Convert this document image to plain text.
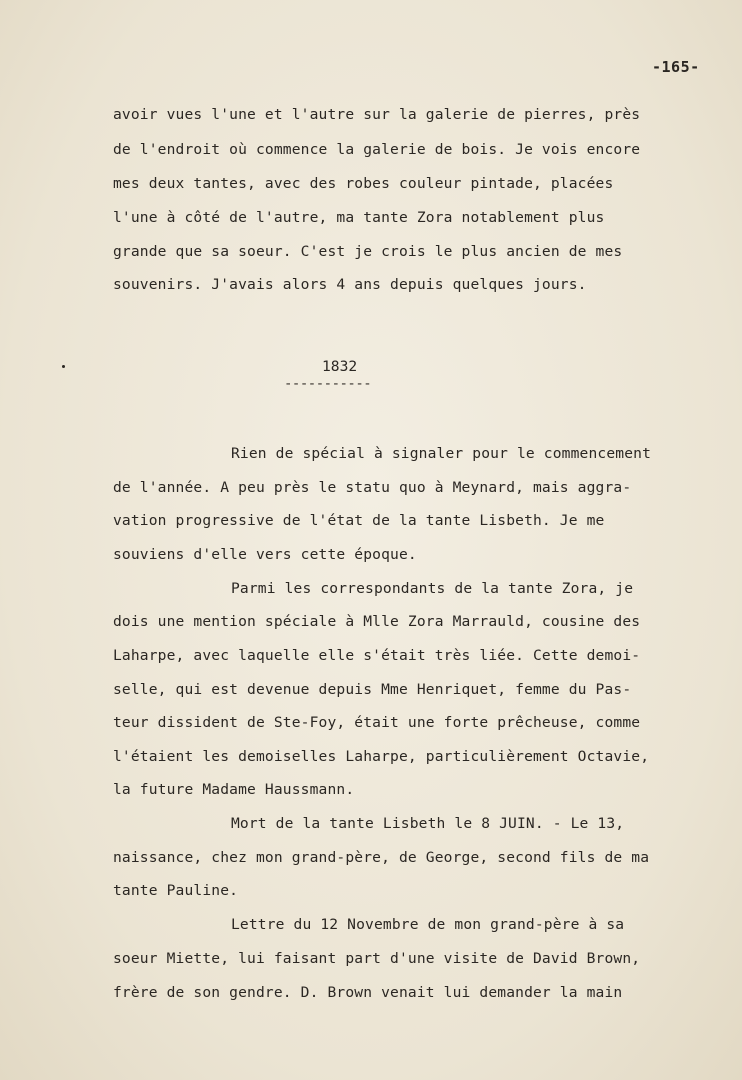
-165-
avoir vues l'une et l'autre sur la galerie de pierres, près
de l'endroit où commence la galerie de bois. Je vois encore
mes deux tantes, avec des robes couleur pintade, placées
l'une à côté de l'autre, ma tante Zora notablement plus
grande que sa soeur. C'est je crois le plus ancien de mes
souvenirs. J'avais alors 4 ans depuis quelques jours.
1832
-----------
Rien de spécial à signaler pour le commencement
de l'année. A peu près le statu quo à Meynard, mais aggra-
vation progressive de l'état de la tante Lisbeth. Je me
souviens d'elle vers cette époque.
Parmi les correspondants de la tante Zora, je
dois une mention spéciale à Mlle Zora Marrauld, cousine des
Laharpe, avec laquelle elle s'était très liée. Cette demoi-
selle, qui est devenue depuis Mme Henriquet, femme du Pas-
teur dissident de Ste-Foy, était une forte prêcheuse, comme
l'étaient les demoiselles Laharpe, particulièrement Octavie,
la future Madame Haussmann.
Mort de la tante Lisbeth le 8 JUIN. - Le 13,
naissance, chez mon grand-père, de George, second fils de ma
tante Pauline.
Lettre du 12 Novembre de mon grand-père à sa
soeur Miette, lui faisant part d'une visite de David Brown,
frère de son gendre. D. Brown venait lui demander la main
